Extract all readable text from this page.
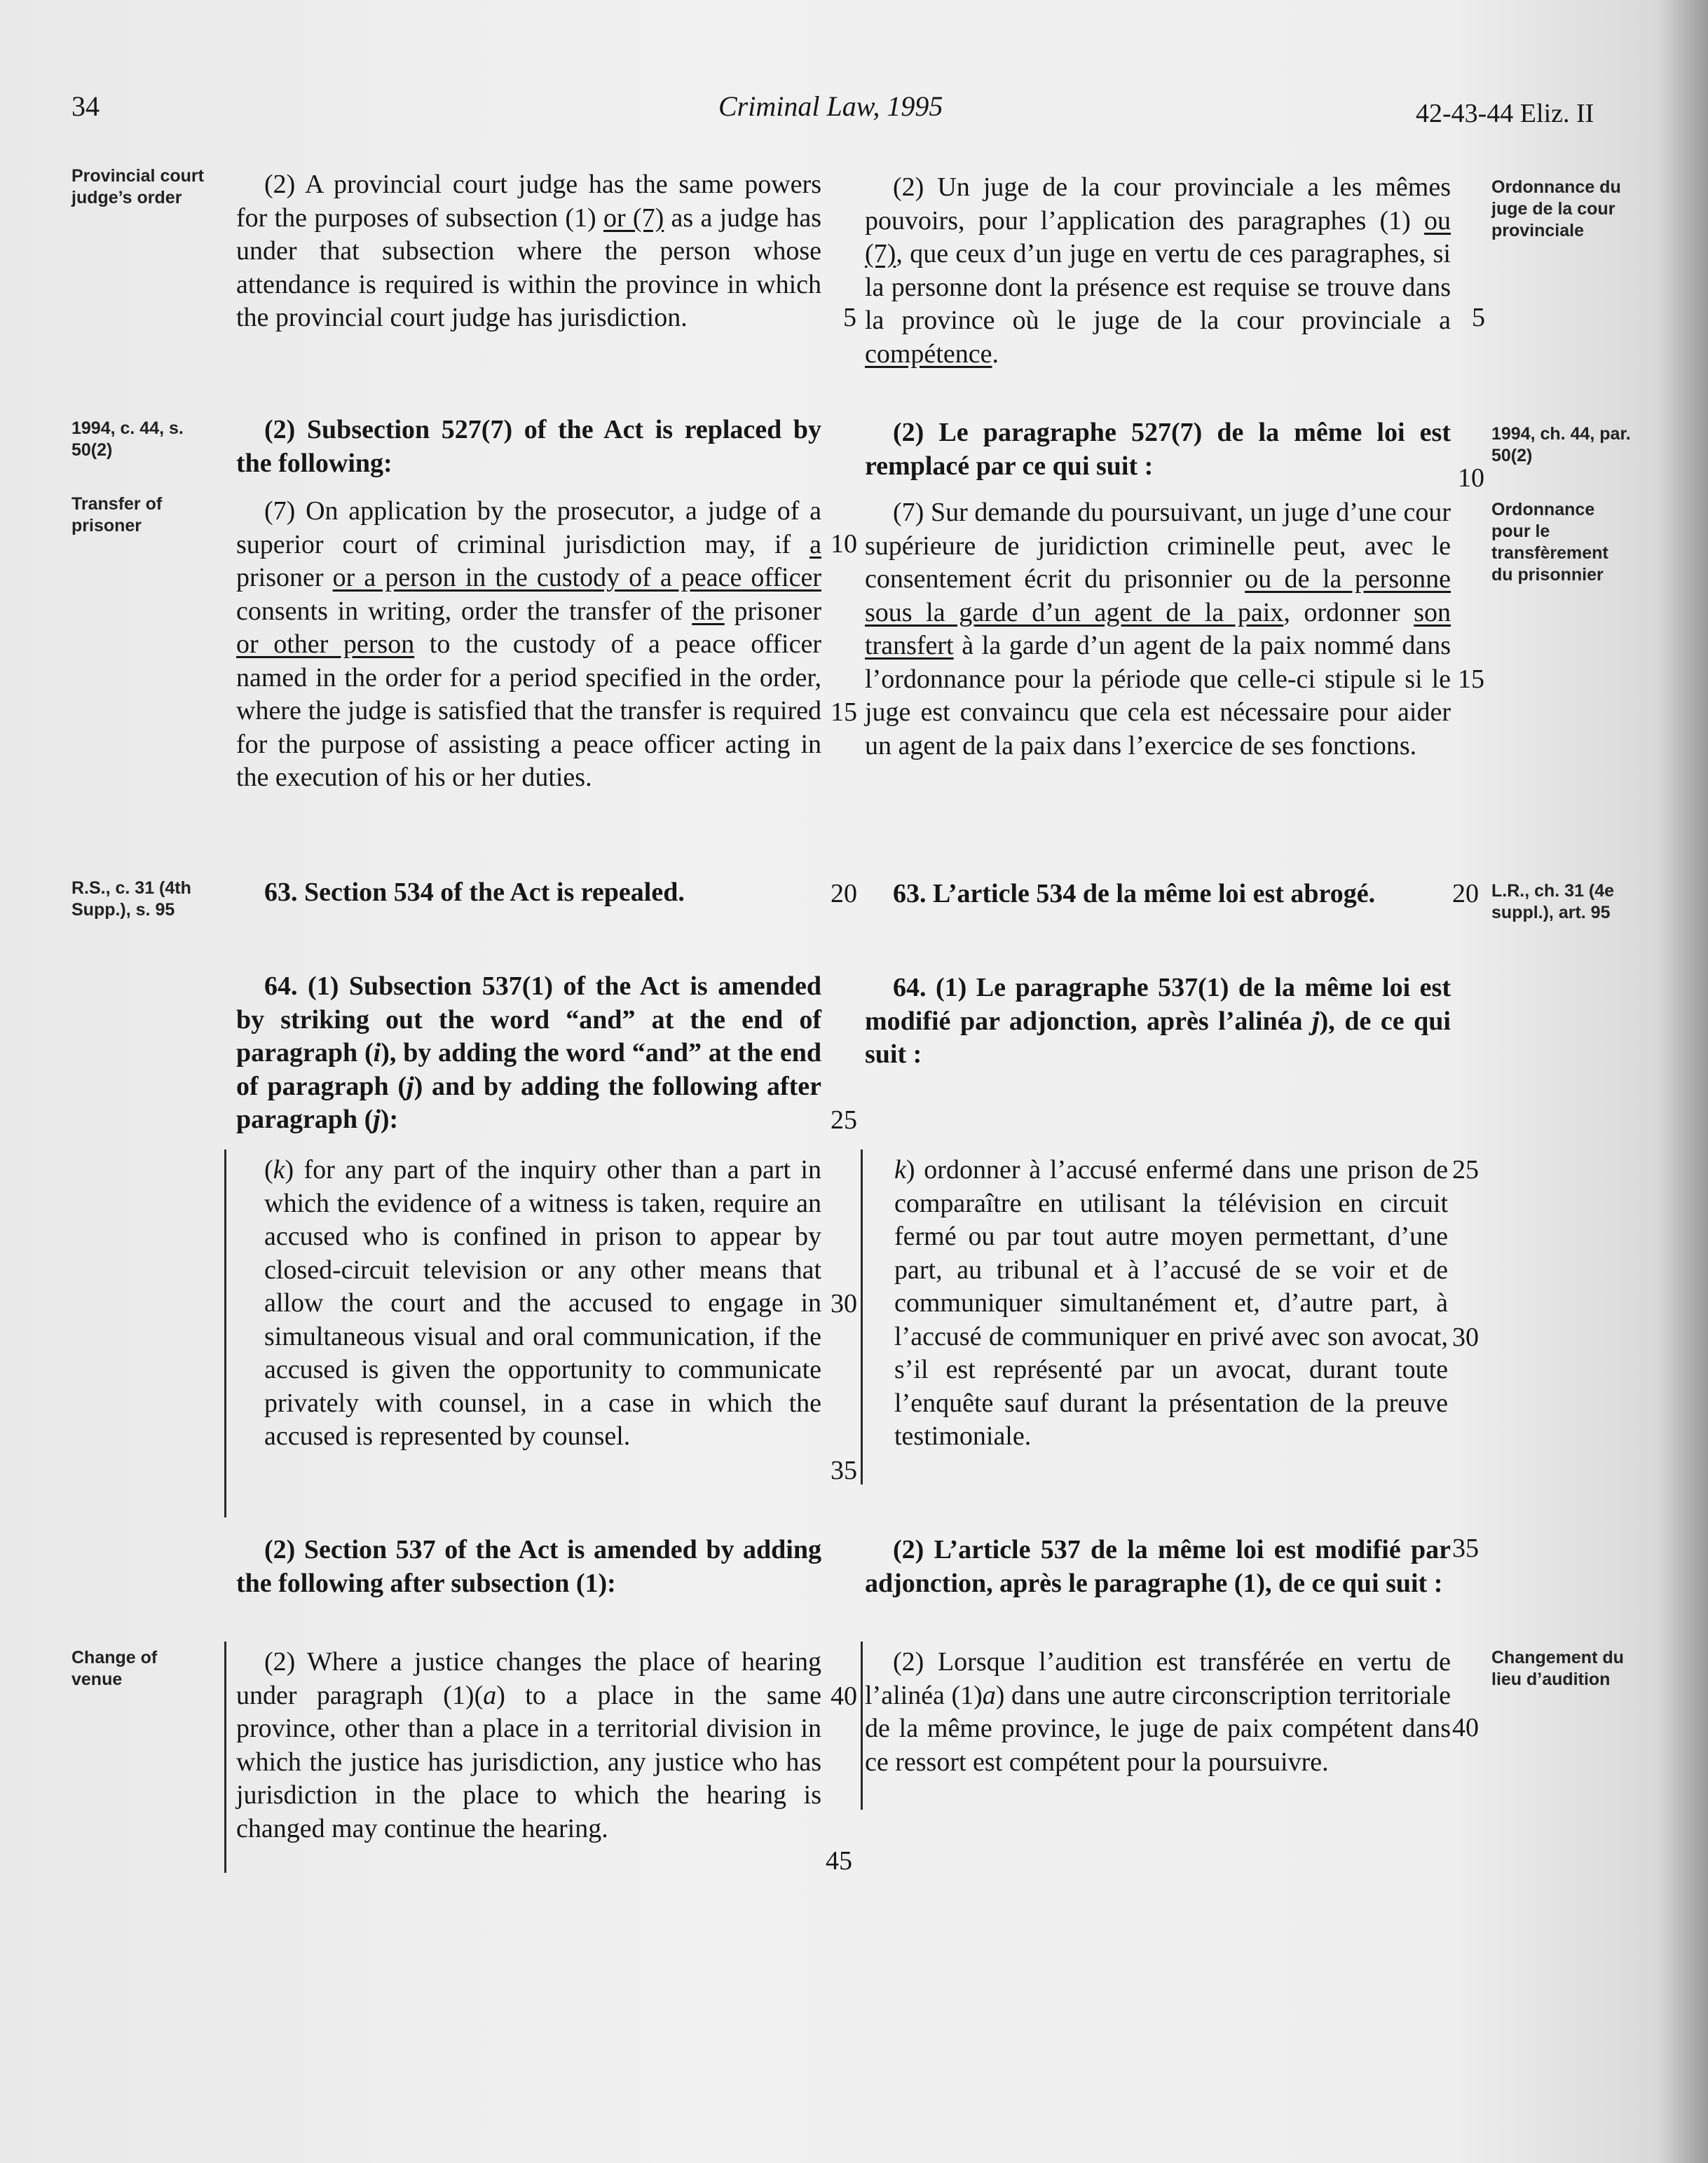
34	Criminal Law, 1995	42-43-44 Eliz. II
Provincial court judge’s order
1994, c. 44, s. 50(2)
Transfer of prisoner
R.S., c. 31 (4th Supp.), s. 95
Change of venue
Ordonnance du juge de la cour provinciale
1994, ch. 44, par. 50(2)
Ordonnance pour le transfèrement du prisonnier
L.R., ch. 31 (4e suppl.), art. 95
Changement du lieu d’audition
(2) A provincial court judge has the same powers for the purposes of subsection (1) or (7) as a judge has under that subsection where the person whose attendance is required is within the province in which the provincial court judge has jurisdiction.
(2) Subsection 527(7) of the Act is replaced by the following:
(7) On application by the prosecutor, a judge of a superior court of criminal jurisdiction may, if a prisoner or a person in the custody of a peace officer consents in writing, order the transfer of the prisoner or other person to the custody of a peace officer named in the order for a period specified in the order, where the judge is satisfied that the transfer is required for the purpose of assisting a peace officer acting in the execution of his or her duties.
63. Section 534 of the Act is repealed.
64. (1) Subsection 537(1) of the Act is amended by striking out the word “and” at the end of paragraph (i), by adding the word “and” at the end of paragraph (j) and by adding the following after paragraph (j):
(k) for any part of the inquiry other than a part in which the evidence of a witness is taken, require an accused who is confined in prison to appear by closed-circuit television or any other means that allow the court and the accused to engage in simultaneous visual and oral communication, if the accused is given the opportunity to communicate privately with counsel, in a case in which the accused is represented by counsel.
(2) Section 537 of the Act is amended by adding the following after subsection (1):
(2) Where a justice changes the place of hearing under paragraph (1)(a) to a place in the same province, other than a place in a territorial division in which the justice has jurisdiction, any justice who has jurisdiction in the place to which the hearing is changed may continue the hearing.
5
10
15
20
25
30
35
40
45
(2) Un juge de la cour provinciale a les mêmes pouvoirs, pour l’application des paragraphes (1) ou (7), que ceux d’un juge en vertu de ces paragraphes, si la personne dont la présence est requise se trouve dans la province où le juge de la cour provinciale a compétence.
(2) Le paragraphe 527(7) de la même loi est remplacé par ce qui suit :
(7) Sur demande du poursuivant, un juge d’une cour supérieure de juridiction criminelle peut, avec le consentement écrit du prisonnier ou de la personne sous la garde d’un agent de la paix, ordonner son transfert à la garde d’un agent de la paix nommé dans l’ordonnance pour la période que celle-ci stipule si le juge est convaincu que cela est nécessaire pour aider un agent de la paix dans l’exercice de ses fonctions.
63. L’article 534 de la même loi est abrogé.
64. (1) Le paragraphe 537(1) de la même loi est modifié par adjonction, après l’alinéa j), de ce qui suit :
k) ordonner à l’accusé enfermé dans une prison de comparaître en utilisant la télévision en circuit fermé ou par tout autre moyen permettant, d’une part, au tribunal et à l’accusé de se voir et de communiquer simultanément et, d’autre part, à l’accusé de communiquer en privé avec son avocat, s’il est représenté par un avocat, durant toute l’enquête sauf durant la présentation de la preuve testimoniale.
(2) L’article 537 de la même loi est modifié par adjonction, après le paragraphe (1), de ce qui suit :
(2) Lorsque l’audition est transférée en vertu de l’alinéa (1)a) dans une autre circonscription territoriale de la même province, le juge de paix compétent dans ce ressort est compétent pour la poursuivre.
5
10
15
20
25
30
35
40
